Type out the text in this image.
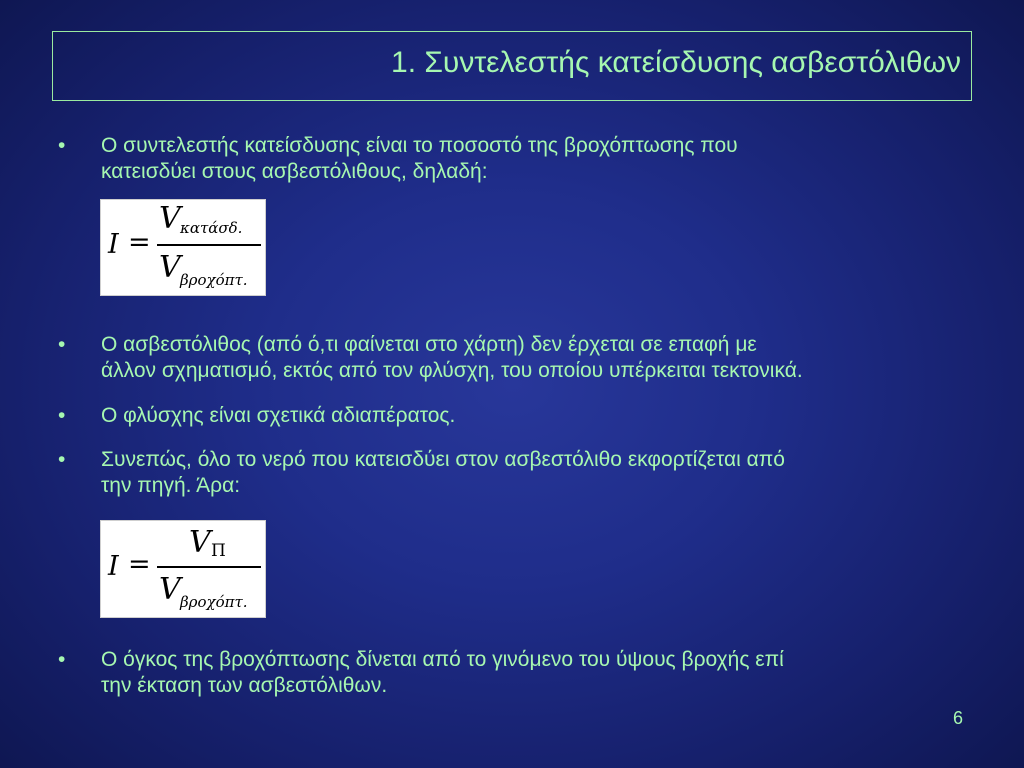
1. Συντελεστής κατείσδυσης ασβεστόλιθων
• Ο συντελεστής κατείσδυσης είναι το ποσοστό της βροχόπτωσης που
κατεισδύει στους ασβεστόλιθους, δηλαδή:
I =
V κατάσδ.
V βροχόπτ.
• Ο ασβεστόλιθος (από ό,τι φαίνεται στο χάρτη) δεν έρχεται σε επαφή με
άλλον σχηματισμό, εκτός από τον φλύσχη, του οποίου υπέρκειται τεκτονικά.
• Ο φλύσχης είναι σχετικά αδιαπέρατος.
• Συνεπώς, όλο το νερό που κατεισδύει στον ασβεστόλιθο εκφορτίζεται από
την πηγή. Άρα:
I =
V Π
V βροχόπτ.
• Ο όγκος της βροχόπτωσης δίνεται από το γινόμενο του ύψους βροχής επί
την έκταση των ασβεστόλιθων.
6
